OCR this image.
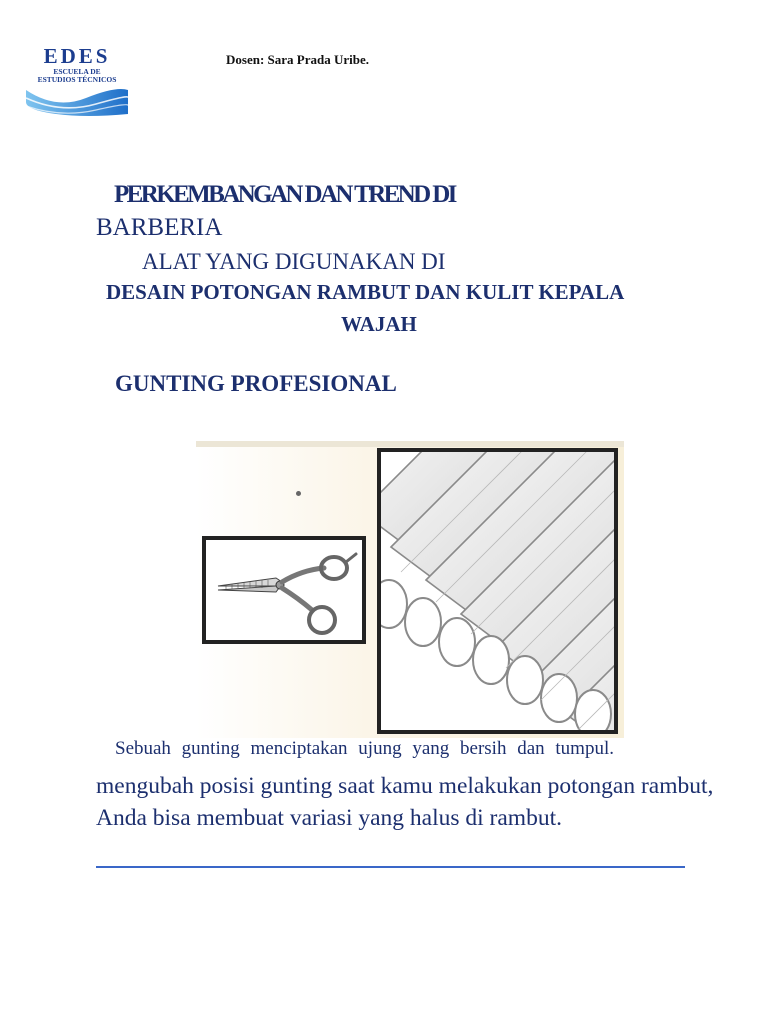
EDES
ESCUELA DE
ESTUDIOS TÉCNICOS
Dosen: Sara Prada Uribe.
PERKEMBANGAN DAN TREND DI
BARBERIA
ALAT YANG DIGUNAKAN DI
DESAIN POTONGAN RAMBUT DAN KULIT KEPALA
WAJAH
GUNTING PROFESIONAL
Sebuah gunting menciptakan ujung yang bersih dan tumpul.
mengubah posisi gunting saat kamu melakukan potongan rambut, Anda bisa membuat variasi yang halus di rambut.
